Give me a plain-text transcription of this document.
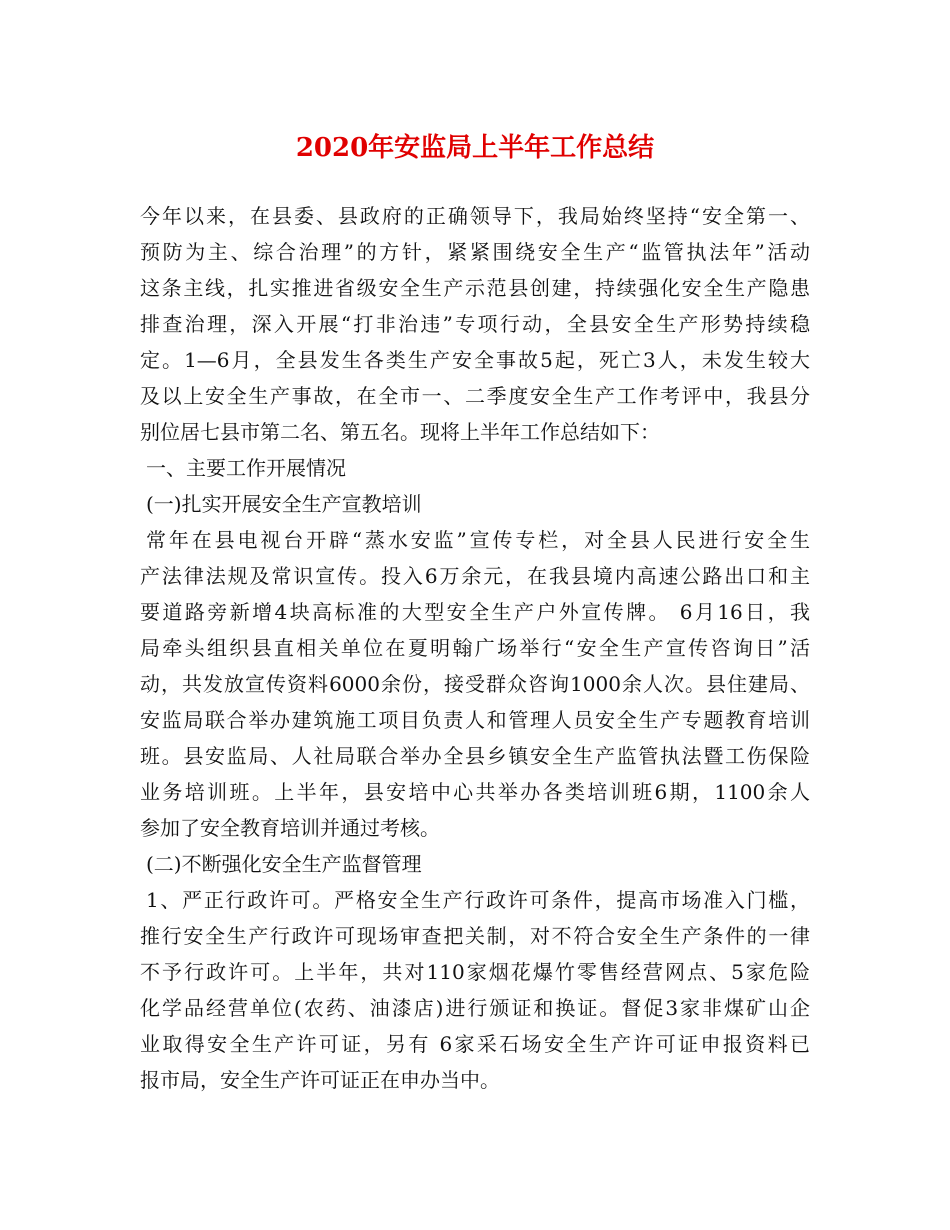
2020年安监局上半年工作总结
今年以来，在县委、县政府的正确领导下，我局始终坚持“安全第一、
预防为主、综合治理”的方针，紧紧围绕安全生产“监管执法年”活动
这条主线，扎实推进省级安全生产示范县创建，持续强化安全生产隐患
排查治理，深入开展“打非治违”专项行动，全县安全生产形势持续稳
定。1—6月，全县发生各类生产安全事故5起，死亡3人，未发生较大
及以上安全生产事故，在全市一、二季度安全生产工作考评中，我县分
别位居七县市第二名、第五名。现将上半年工作总结如下：
一、主要工作开展情况
(一)扎实开展安全生产宣教培训
常年在县电视台开辟“蒸水安监”宣传专栏，对全县人民进行安全生
产法律法规及常识宣传。投入6万余元，在我县境内高速公路出口和主
要道路旁新增4块高标准的大型安全生产户外宣传牌。 6月16日，我
局牵头组织县直相关单位在夏明翰广场举行“安全生产宣传咨询日”活
动，共发放宣传资料6000余份，接受群众咨询1000余人次。县住建局、
安监局联合举办建筑施工项目负责人和管理人员安全生产专题教育培训
班。县安监局、人社局联合举办全县乡镇安全生产监管执法暨工伤保险
业务培训班。上半年，县安培中心共举办各类培训班6期，1100余人
参加了安全教育培训并通过考核。
(二)不断强化安全生产监督管理
1、严正行政许可。严格安全生产行政许可条件，提高市场准入门槛，
推行安全生产行政许可现场审查把关制，对不符合安全生产条件的一律
不予行政许可。上半年，共对110家烟花爆竹零售经营网点、5家危险
化学品经营单位(农药、油漆店)进行颁证和换证。督促3家非煤矿山企
业取得安全生产许可证，另有 6家采石场安全生产许可证申报资料已
报市局，安全生产许可证正在申办当中。
